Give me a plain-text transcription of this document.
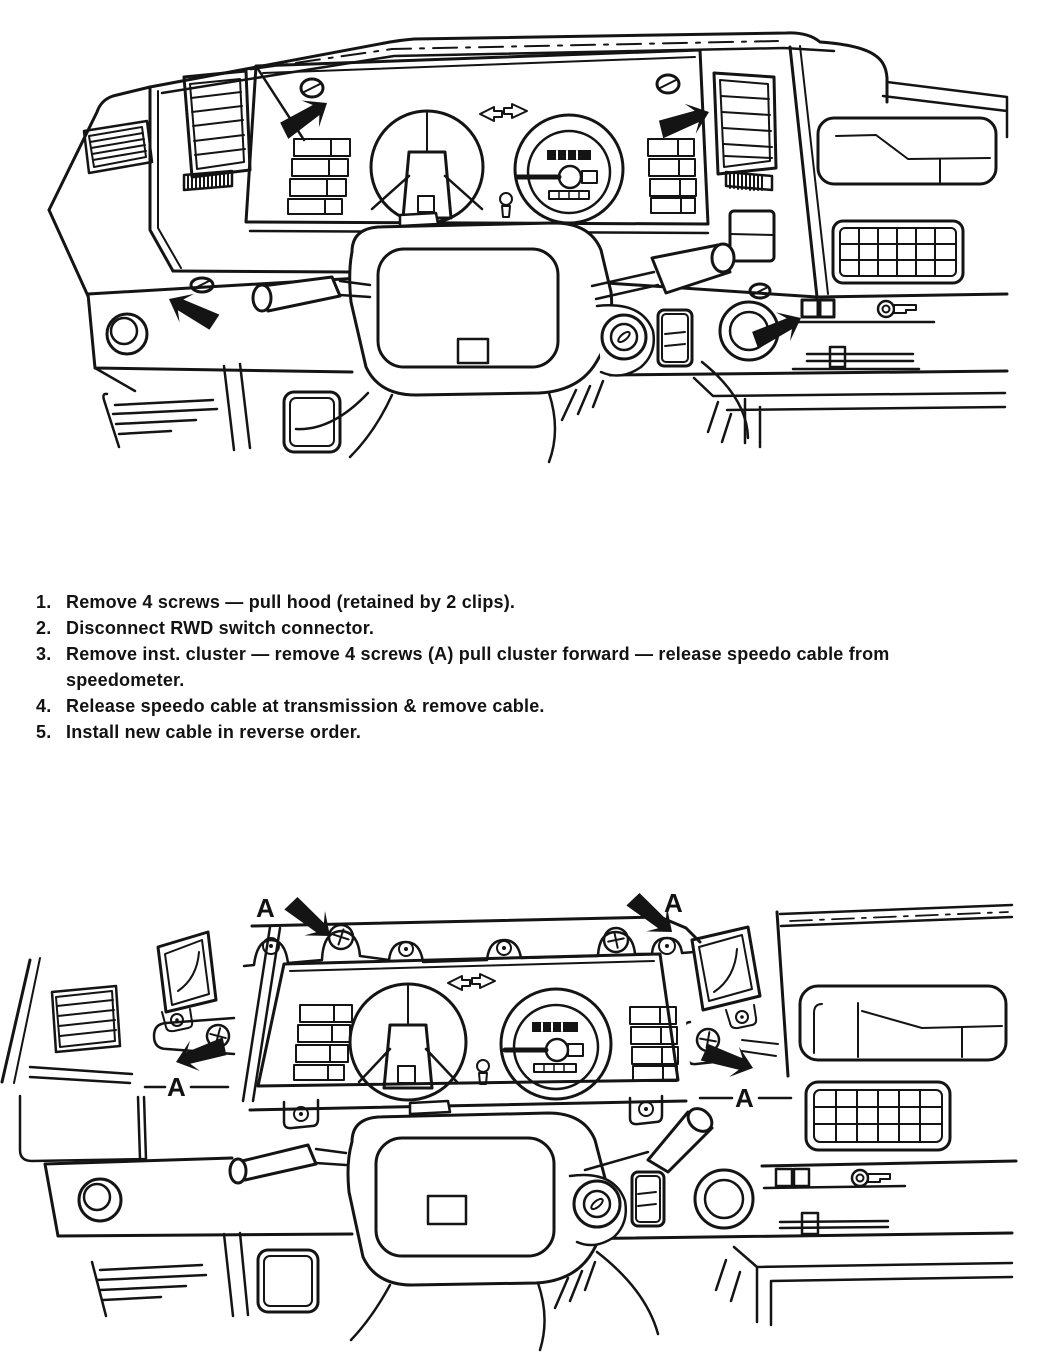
1. Remove 4 screws — pull hood (retained by 2 clips).
2. Disconnect RWD switch connector.
3. Remove inst. cluster — remove 4 screws (A) pull cluster forward — release speedo cable from speedometer.
4. Release speedo cable at transmission & remove cable.
5. Install new cable in reverse order.
A	A
A	A
